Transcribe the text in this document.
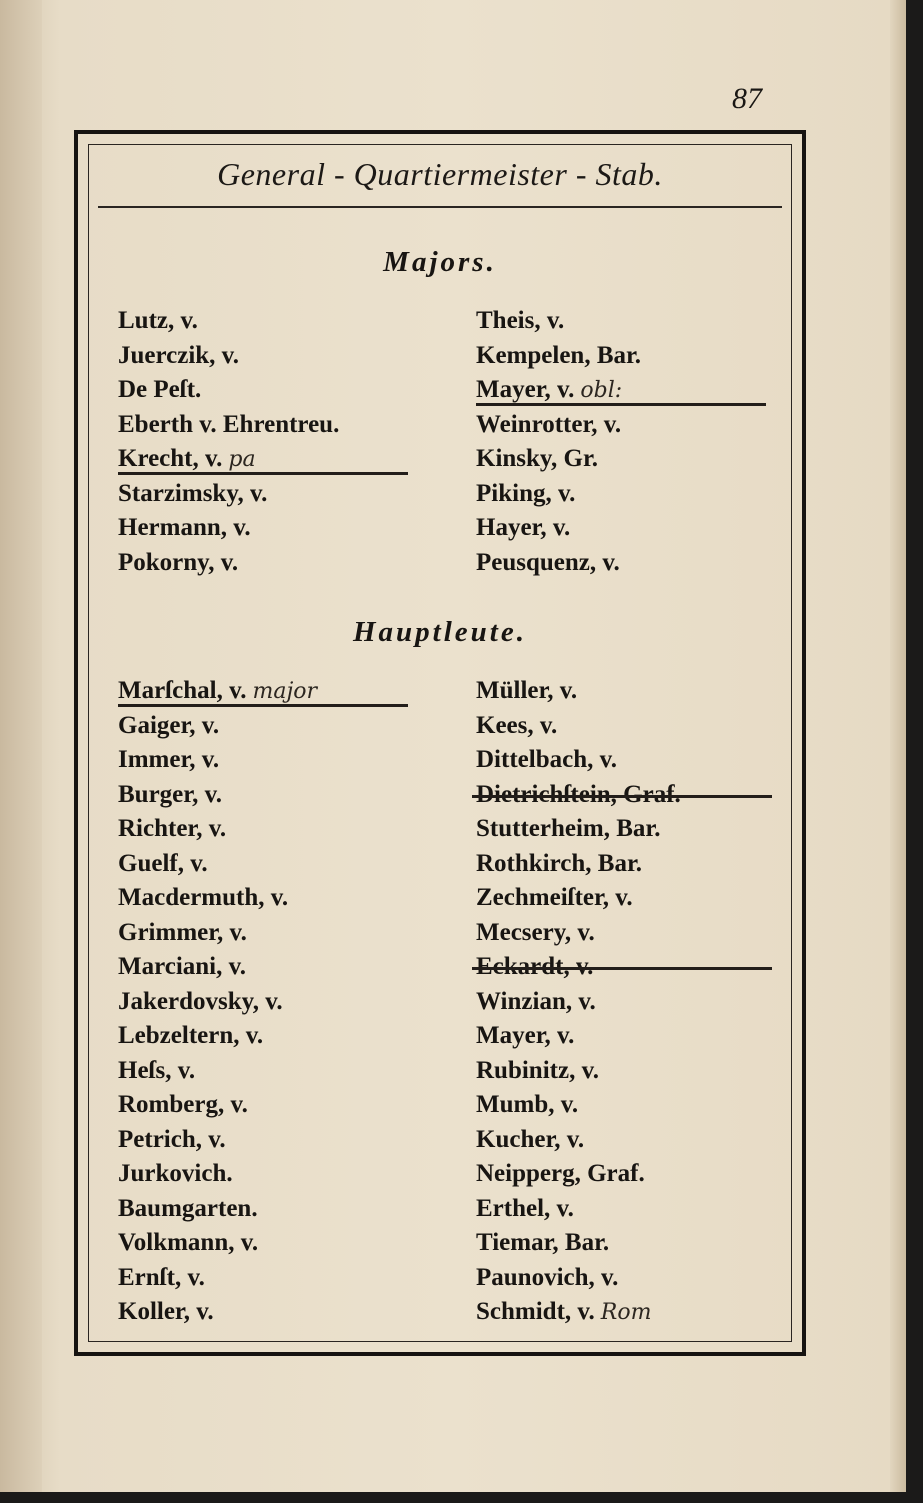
87
General - Quartiermeister - Stab.
Majors.
Lutz, v.
Juerczik, v.
De Peſt.
Eberth v. Ehrentreu.
Krecht, v. pa
Starzimsky, v.
Hermann, v.
Pokorny, v.
Theis, v.
Kempelen, Bar.
Mayer, v. obl:
Weinrotter, v.
Kinsky, Gr.
Piking, v.
Hayer, v.
Peusquenz, v.
Hauptleute.
Marſchal, v. major
Gaiger, v.
Immer, v.
Burger, v.
Richter, v.
Guelf, v.
Macdermuth, v.
Grimmer, v.
Marciani, v.
Jakerdovsky, v.
Lebzeltern, v.
Heſs, v.
Romberg, v.
Petrich, v.
Jurkovich.
Baumgarten.
Volkmann, v.
Ernſt, v.
Koller, v.
Müller, v.
Kees, v.
Dittelbach, v.
Dietrichſtein, Graf.
Stutterheim, Bar.
Rothkirch, Bar.
Zechmeiſter, v.
Mecsery, v.
Eckardt, v.
Winzian, v.
Mayer, v.
Rubinitz, v.
Mumb, v.
Kucher, v.
Neipperg, Graf.
Erthel, v.
Tiemar, Bar.
Paunovich, v.
Schmidt, v. Rom
